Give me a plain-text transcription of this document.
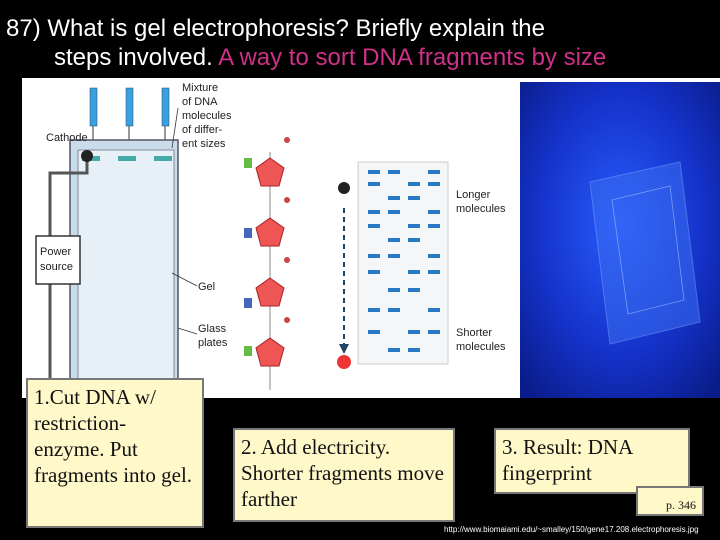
87) What is gel electrophoresis? Briefly explain the
steps involved. A way to sort DNA fragments by size
Cathode
Power
source
Mixture
of DNA
molecules
of differ-
ent sizes
Gel
Glass
plates
Longer
molecules
Shorter
molecules
1.Cut DNA w/ restriction-enzyme. Put fragments into gel.
2. Add electricity. Shorter fragments move farther
3. Result: DNA fingerprint
p. 346
http://www.biomaiami.edu/~smalley/150/gene17.208.electrophoresis.jpg
